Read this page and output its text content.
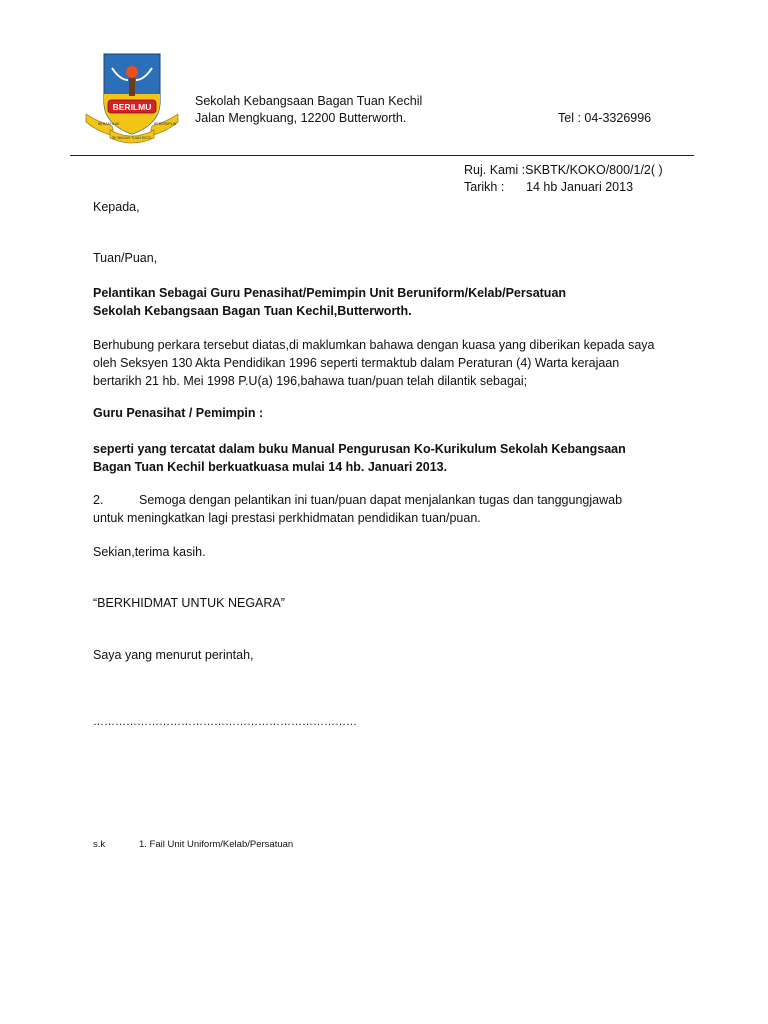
BERILMU
BERAKHLAK	BERDISIPLIN
SK BAGAN TUAN KECIL
Sekolah Kebangsaan Bagan Tuan Kechil
Jalan Mengkuang, 12200 Butterworth.	Tel : 04-3326996
Ruj. Kami :SKBTK/KOKO/800/1/2( )
Tarikh : 14 hb Januari 2013
Kepada,
Tuan/Puan,
Pelantikan Sebagai Guru Penasihat/Pemimpin Unit Beruniform/Kelab/Persatuan
Sekolah Kebangsaan Bagan Tuan Kechil,Butterworth.
Berhubung perkara tersebut diatas,di maklumkan bahawa dengan kuasa yang diberikan kepada saya
oleh Seksyen 130 Akta Pendidikan 1996 seperti termaktub dalam Peraturan (4) Warta kerajaan
bertarikh 21 hb. Mei 1998 P.U(a) 196,bahawa tuan/puan telah dilantik sebagai;
Guru Penasihat / Pemimpin :
seperti yang tercatat dalam buku Manual Pengurusan Ko-Kurikulum Sekolah Kebangsaan
Bagan Tuan Kechil berkuatkuasa mulai 14 hb. Januari 2013.
2.	Semoga dengan pelantikan ini tuan/puan dapat menjalankan tugas dan tanggungjawab
untuk meningkatkan lagi prestasi perkhidmatan pendidikan tuan/puan.
Sekian,terima kasih.
“BERKHIDMAT UNTUK NEGARA”
Saya yang menurut perintah,
………………………………………………………………
s.k	1. Fail Unit Uniform/Kelab/Persatuan
